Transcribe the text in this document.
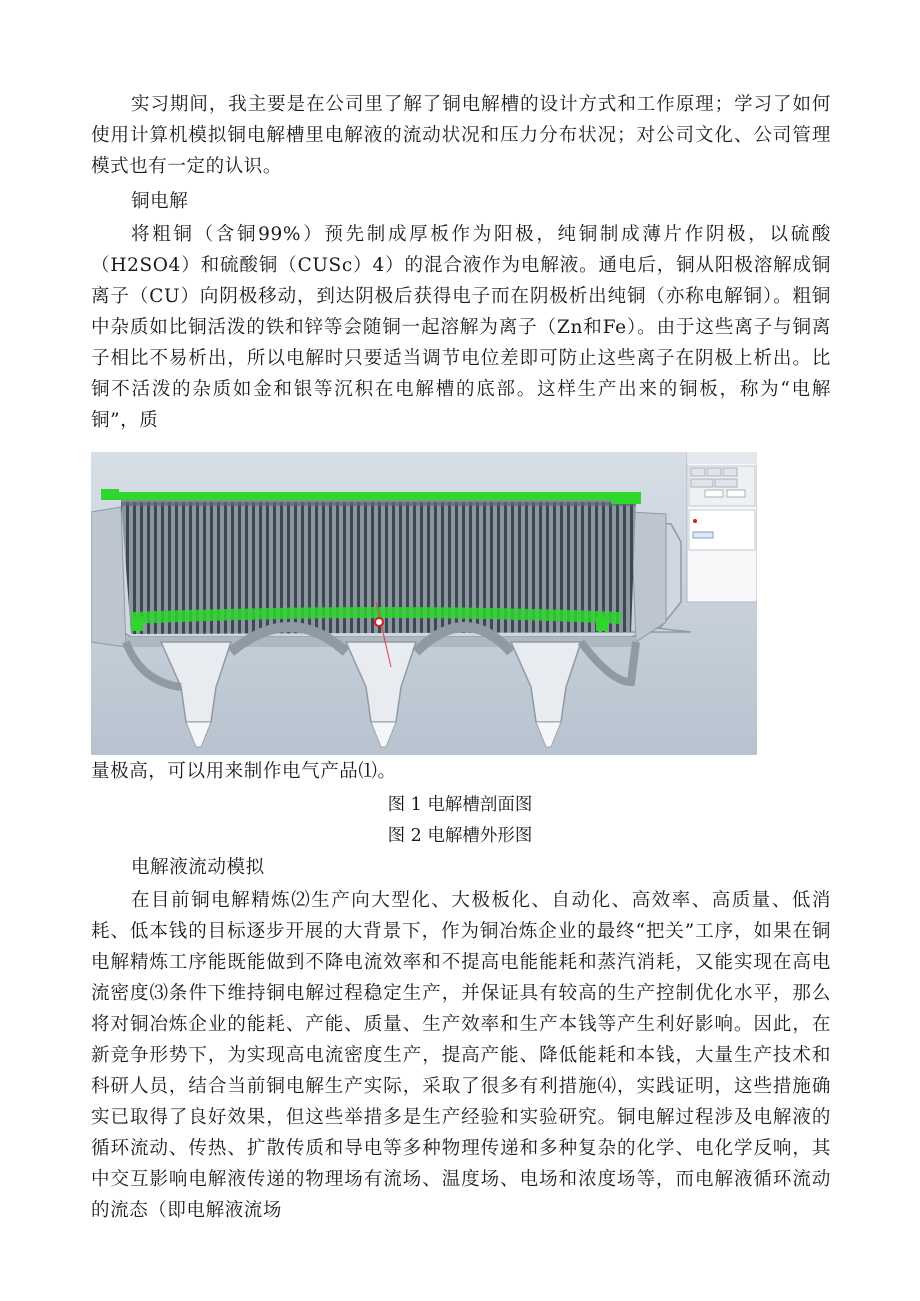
实习期间，我主要是在公司里了解了铜电解槽的设计方式和工作原理；学习了如何使用计算机模拟铜电解槽里电解液的流动状况和压力分布状况；对公司文化、公司管理模式也有一定的认识。

铜电解

将粗铜（含铜99%）预先制成厚板作为阳极，纯铜制成薄片作阴极，以硫酸（H2SO4）和硫酸铜（CUSc）4）的混合液作为电解液。通电后，铜从阳极溶解成铜离子（CU）向阴极移动，到达阴极后获得电子而在阴极析出纯铜（亦称电解铜）。粗铜中杂质如比铜活泼的铁和锌等会随铜一起溶解为离子（Zn和Fe）。由于这些离子与铜离子相比不易析出，所以电解时只要适当调节电位差即可防止这些离子在阴极上析出。比铜不活泼的杂质如金和银等沉积在电解槽的底部。这样生产出来的铜板，称为“电解铜”，质

量极高，可以用来制作电气产品⑴。

图 1 电解槽剖面图
图 2 电解槽外形图

电解液流动模拟

在目前铜电解精炼⑵生产向大型化、大极板化、自动化、高效率、高质量、低消耗、低本钱的目标逐步开展的大背景下，作为铜冶炼企业的最终“把关”工序，如果在铜电解精炼工序能既能做到不降电流效率和不提高电能能耗和蒸汽消耗，又能实现在高电流密度⑶条件下维持铜电解过程稳定生产，并保证具有较高的生产控制优化水平，那么将对铜冶炼企业的能耗、产能、质量、生产效率和生产本钱等产生利好影响。因此，在新竞争形势下，为实现高电流密度生产，提高产能、降低能耗和本钱，大量生产技术和科研人员，结合当前铜电解生产实际，采取了很多有利措施⑷，实践证明，这些措施确实已取得了良好效果，但这些举措多是生产经验和实验研究。铜电解过程涉及电解液的循环流动、传热、扩散传质和导电等多种物理传递和多种复杂的化学、电化学反响，其中交互影响电解液传递的物理场有流场、温度场、电场和浓度场等，而电解液循环流动的流态（即电解液流场
